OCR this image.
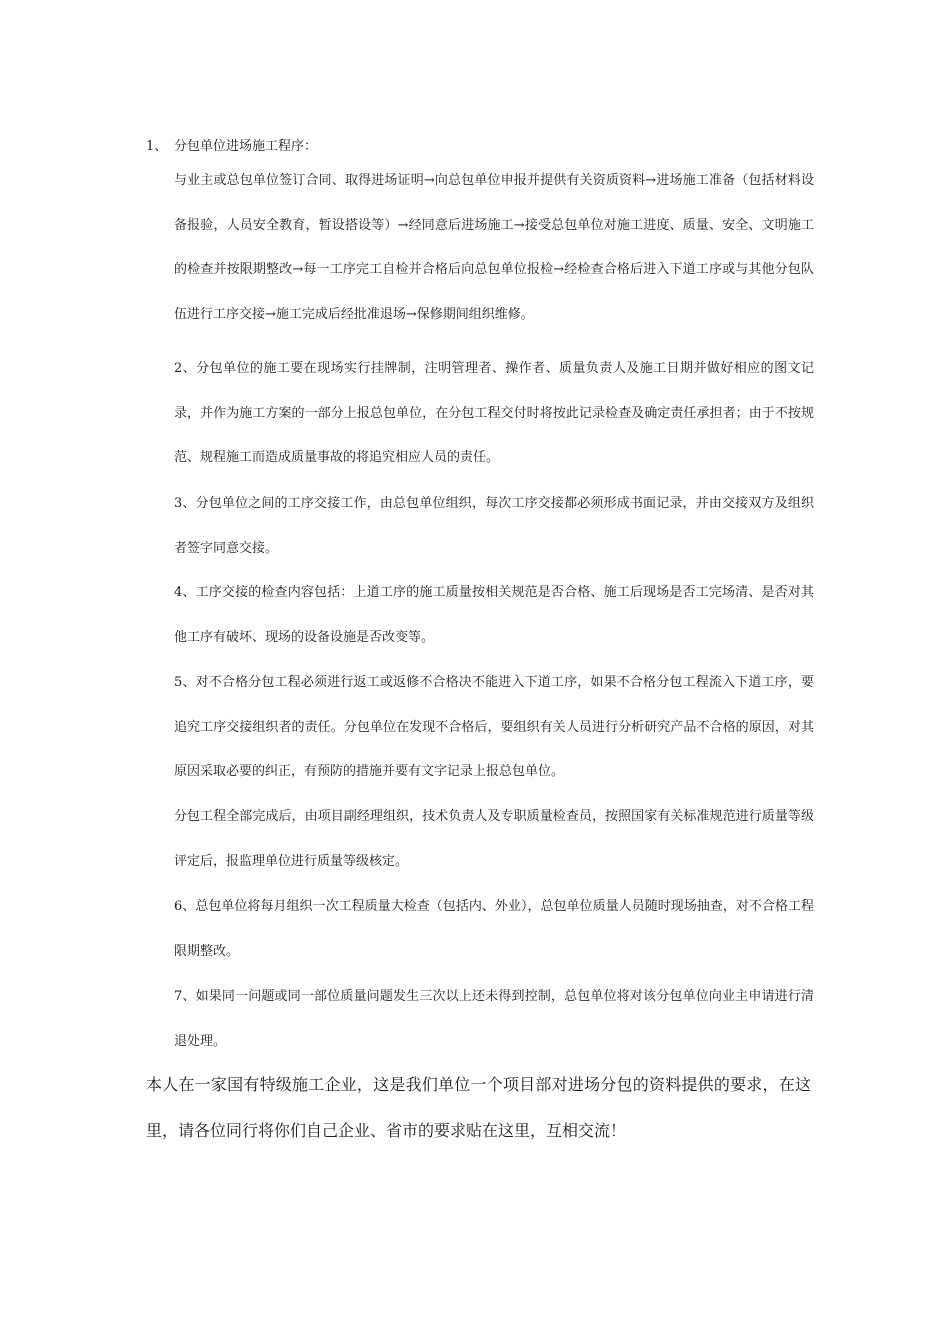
1、 分包单位进场施工程序：

与业主或总包单位签订合同、取得进场证明→向总包单位申报并提供有关资质资料→进场施工准备（包括材料设备报验，人员安全教育，暂设搭设等）→经同意后进场施工→接受总包单位对施工进度、质量、安全、文明施工的检查并按限期整改→每一工序完工自检并合格后向总包单位报检→经检查合格后进入下道工序或与其他分包队伍进行工序交接→施工完成后经批准退场→保修期间组织维修。

2、分包单位的施工要在现场实行挂牌制，注明管理者、操作者、质量负责人及施工日期并做好相应的图文记录，并作为施工方案的一部分上报总包单位，在分包工程交付时将按此记录检查及确定责任承担者；由于不按规范、规程施工而造成质量事故的将追究相应人员的责任。

3、分包单位之间的工序交接工作，由总包单位组织，每次工序交接都必须形成书面记录，并由交接双方及组织者签字同意交接。

4、工序交接的检查内容包括：上道工序的施工质量按相关规范是否合格、施工后现场是否工完场清、是否对其他工序有破坏、现场的设备设施是否改变等。

5、对不合格分包工程必须进行返工或返修不合格决不能进入下道工序，如果不合格分包工程流入下道工序，要追究工序交接组织者的责任。分包单位在发现不合格后，要组织有关人员进行分析研究产品不合格的原因，对其原因采取必要的纠正，有预防的措施并要有文字记录上报总包单位。

分包工程全部完成后，由项目副经理组织，技术负责人及专职质量检查员，按照国家有关标准规范进行质量等级评定后，报监理单位进行质量等级核定。

6、总包单位将每月组织一次工程质量大检查（包括内、外业），总包单位质量人员随时现场抽查，对不合格工程限期整改。

7、如果同一问题或同一部位质量问题发生三次以上还未得到控制，总包单位将对该分包单位向业主申请进行清退处理。

本人在一家国有特级施工企业，这是我们单位一个项目部对进场分包的资料提供的要求，在这里，请各位同行将你们自己企业、省市的要求贴在这里，互相交流！
